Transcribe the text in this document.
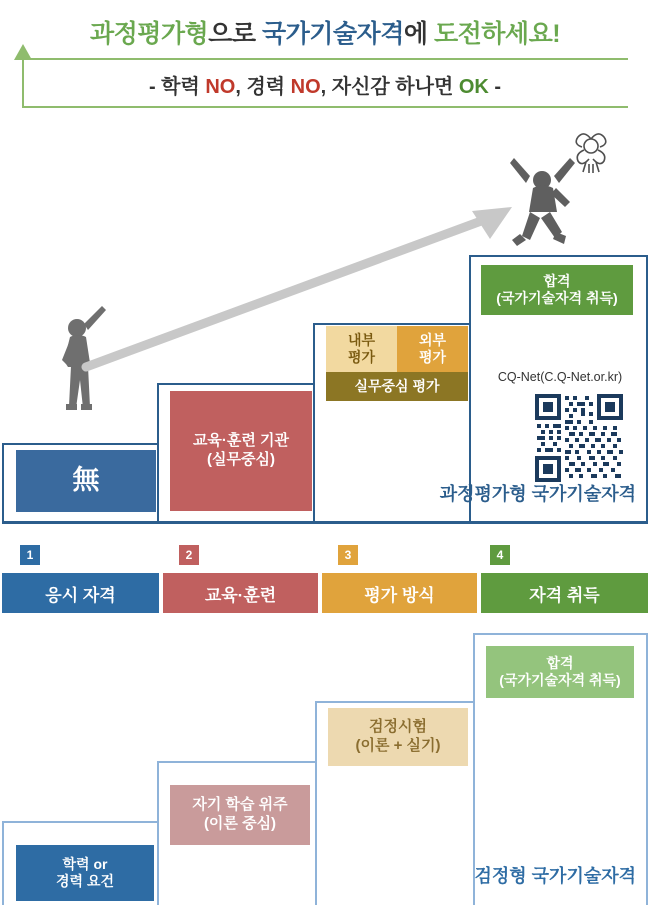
과정평가형으로 국가기술자격에 도전하세요!
- 학력 NO, 경력 NO, 자신감 하나면 OK -
無
교육·훈련 기관
(실무중심)
내부
평가
외부
평가
실무중심 평가
합격
(국가기술자격 취득)
CQ-Net(C.Q-Net.or.kr)
과정평가형 국가기술자격
1	2	3	4
응시 자격	교육·훈련	평가 방식	자격 취득
학력 or
경력 요건
자기 학습 위주
(이론 중심)
검정시험
(이론 + 실기)
합격
(국가기술자격 취득)
검정형 국가기술자격
